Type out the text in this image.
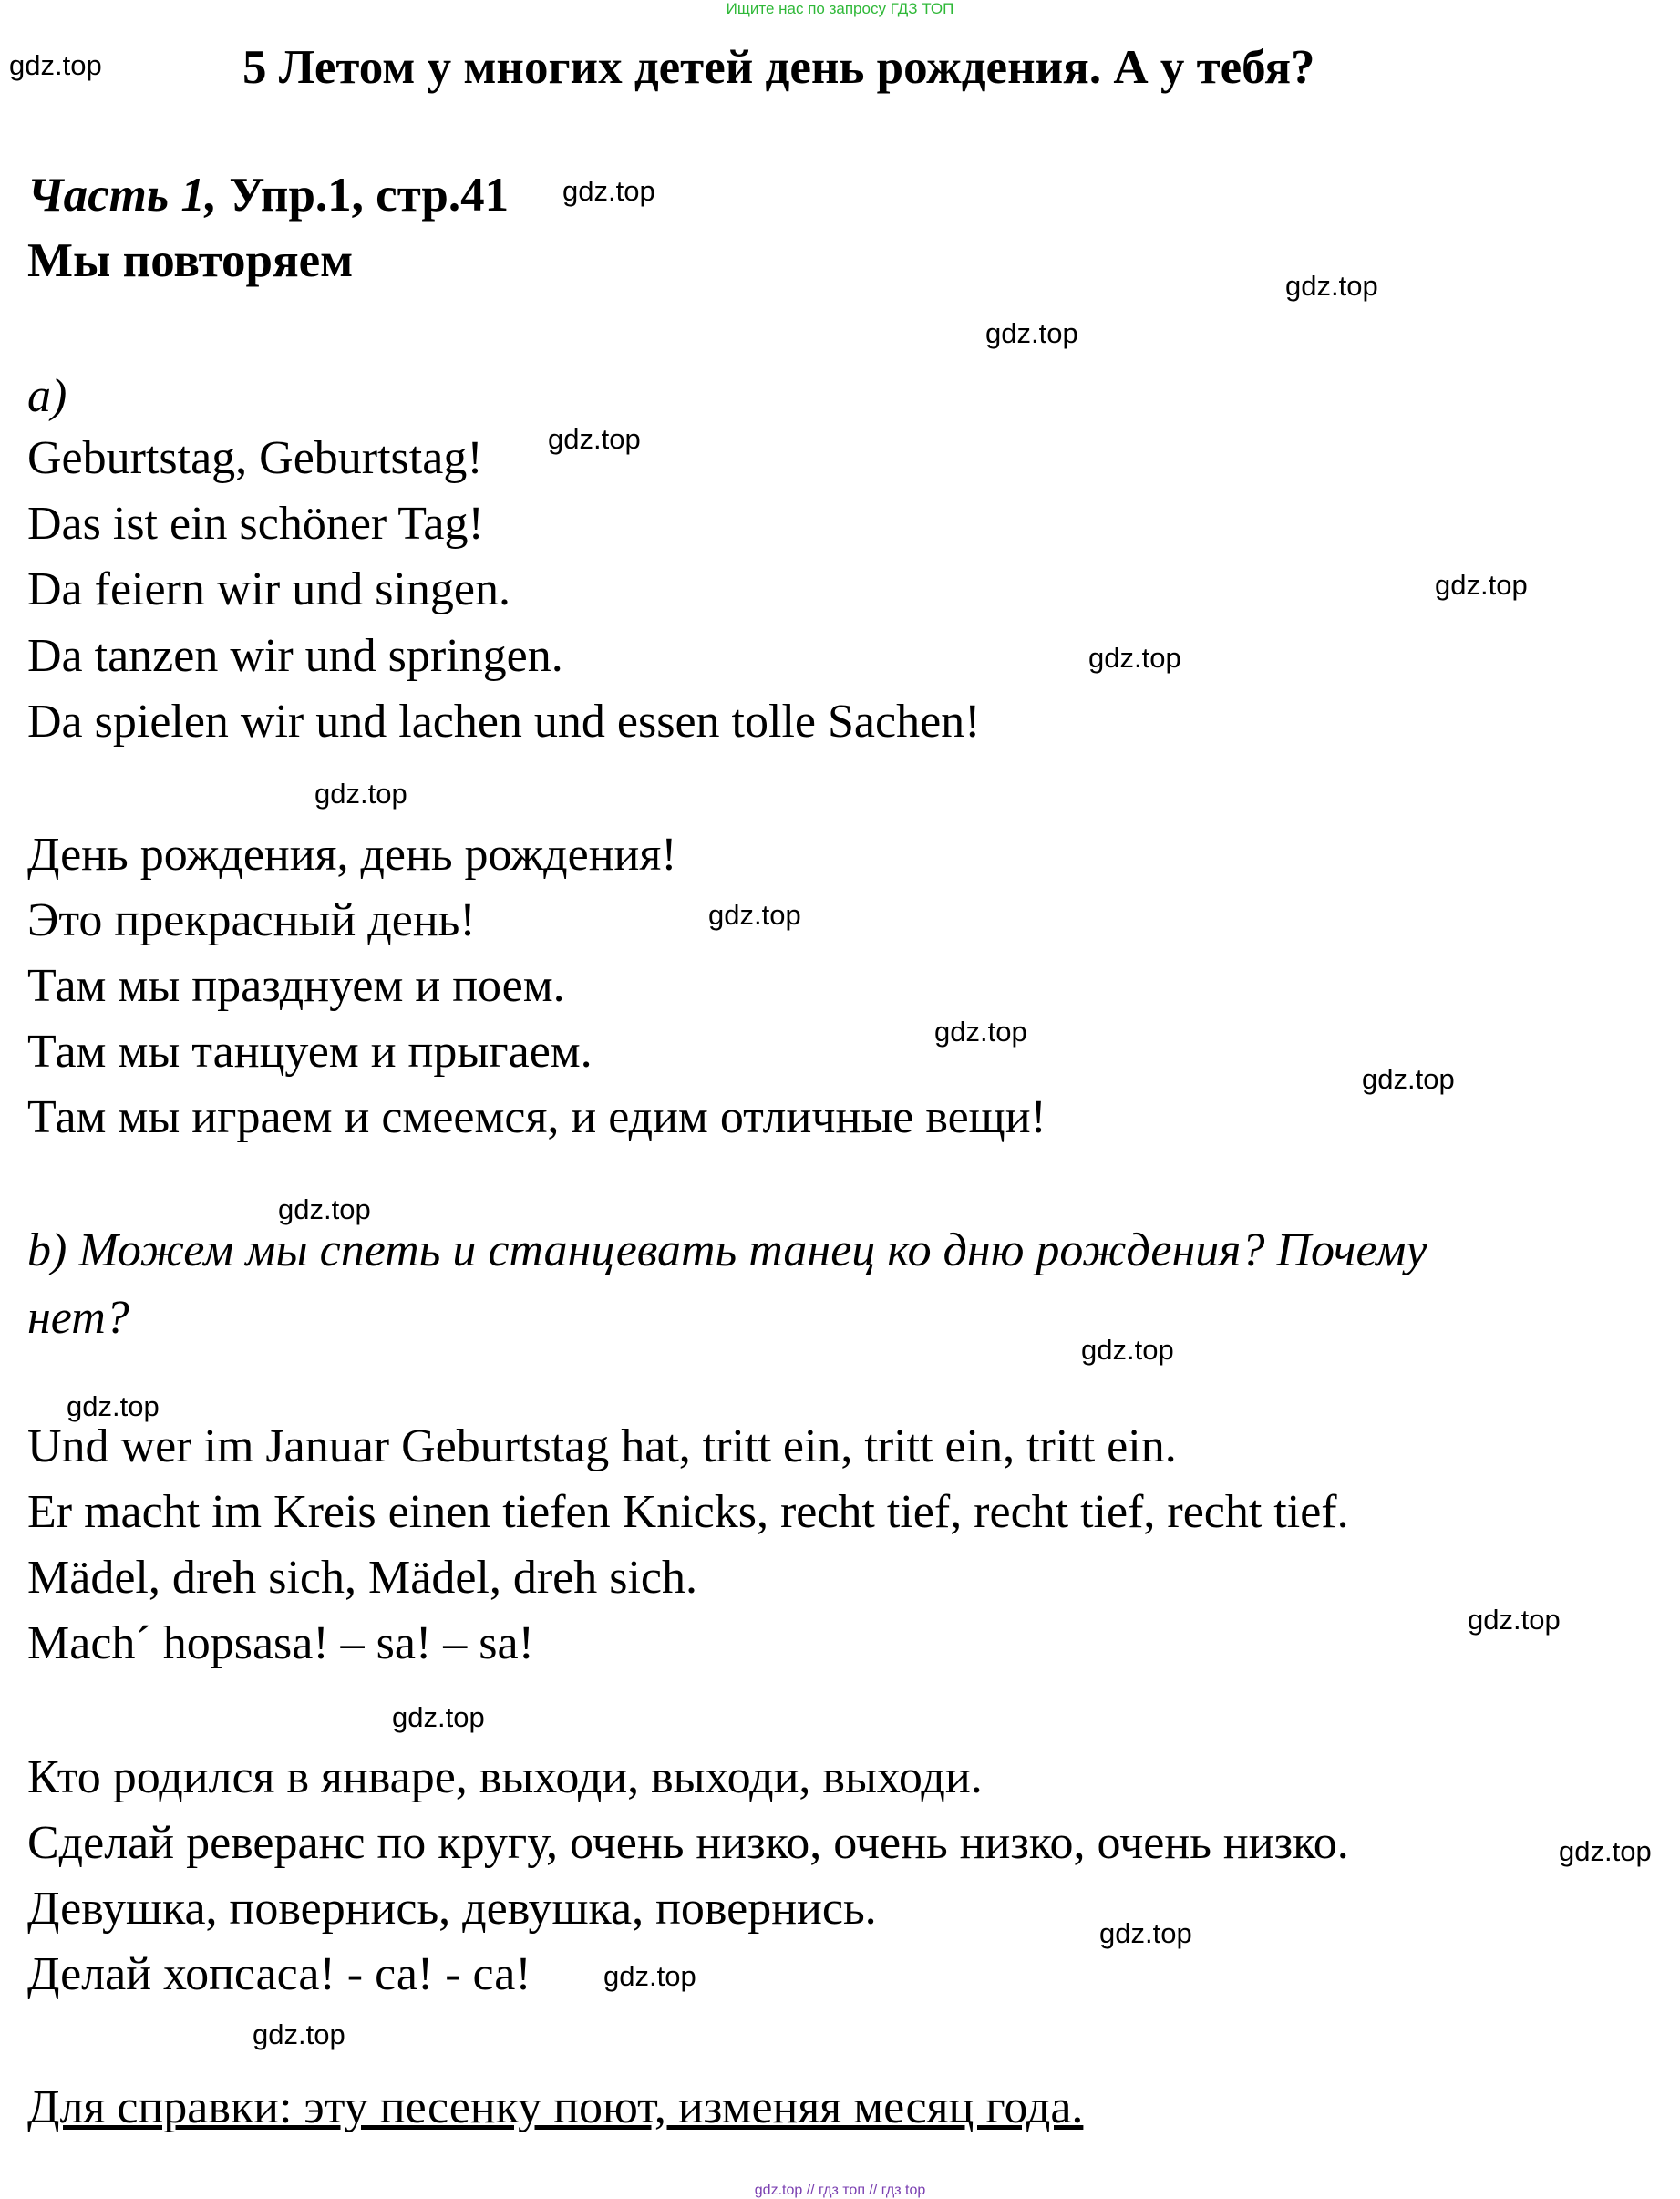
Ищите нас по запросу ГДЗ ТОП
5 Летом у многих детей день рождения. А у тебя?
Часть 1, Упр.1, стр.41
Мы повторяем
a)
Geburtstag, Geburtstag!
Das ist ein schöner Tag!
Da feiern wir und singen.
Da tanzen wir und springen.
Da spielen wir und lachen und essen tolle Sachen!
День рождения, день рождения!
Это прекрасный день!
Там мы празднуем и поем.
Там мы танцуем и прыгаем.
Там мы играем и смеемся, и едим отличные вещи!
b) Можем мы спеть и станцевать танец ко дню рождения? Почему
нет?
Und wer im Januar Geburtstag hat, tritt ein, tritt ein, tritt ein.
Er macht im Kreis einen tiefen Knicks, recht tief, recht tief, recht tief.
Mädel, dreh sich, Mädel, dreh sich.
Mach´ hopsasa! – sa! – sa!
Кто родился в январе, выходи, выходи, выходи.
Сделай реверанс по кругу, очень низко, очень низко, очень низко.
Девушка, повернись, девушка, повернись.
Делай хопсаса! - са! - са!
Для справки: эту песенку поют, изменяя месяц года.
gdz.top
gdz.top
gdz.top
gdz.top
gdz.top
gdz.top
gdz.top
gdz.top
gdz.top
gdz.top
gdz.top
gdz.top
gdz.top
gdz.top
gdz.top
gdz.top
gdz.top
gdz.top
gdz.top
gdz.top
gdz.top // гдз топ // гдз top
